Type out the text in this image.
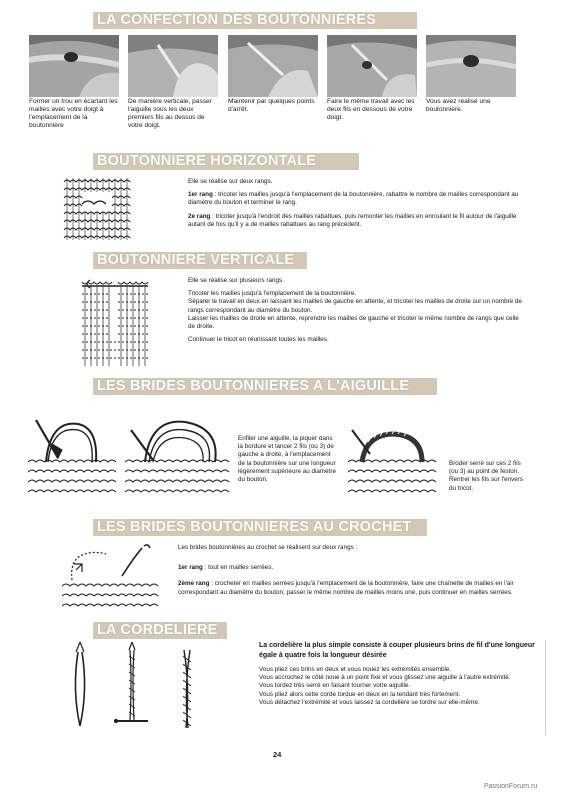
LA CONFECTION DES BOUTONNIERES
Former un trou en écartant les mailles avec votre doigt à l'emplacement de la boutonnière
De manière verticale, passer l'aiguille sous les deux premiers fils au dessus de votre doigt.
Maintenir par quelques points d'arrêt.
Faire le même travail avec les deux fils en dessous de votre doigt.
Vous avez réalisé une boutonnière.
BOUTONNIERE HORIZONTALE

Elle se réalise sur deux rangs.

1er rang : tricoter les mailles jusqu'à l'emplacement de la boutonnière, rabattre le nombre de mailles correspondant au diamètre du bouton et terminer le rang.

2e rang : tricoter jusqu'à l'endroit des mailles rabattues, puis remonter les mailles en enroulant le fil autour de l'aiguille autant de fois qu'il y a de mailles rabattues au rang précédent.

BOUTONNIERE VERTICALE

Elle se réalise sur plusieurs rangs.

Tricoter les mailles jusqu'à l'emplacement de la boutonnière.

Séparer le travail en deux en laissant les mailles de gauche en attente, et tricoter les mailles de droite sur un nombre de rangs correspondant au diamètre du bouton.

Laisser les mailles de droite en attente, reprendre les mailles de gauche et tricoter le même nombre de rangs que celle de droite.

Continuer le tricot en réunissant toutes les mailles.

LES BRIDES BOUTONNIERES A L'AIGUILLE
Enfiler une aiguille, la piquer dans la bordure et lancer 2 fils (ou 3) de gauche à droite, à l'emplacement de la boutonnière sur une longueur légèrement supérieure au diamètre du bouton.
Broder serré sur ces 2 fils (ou 3) au point de feston. Rentrer les fils sur l'envers du tricot.
LES BRIDES BOUTONNIERES AU CROCHET

Les brides boutonnières au crochet se réalisent sur deux rangs :

1er rang : tout en mailles serrées.

2ème rang : crocheter en mailles serrées jusqu'à l'emplacement de la boutonnière, faire une chaînette de mailles en l'air correspondant au diamètre du bouton, passer le même nombre de mailles moins une, puis continuer en mailles serrées.

LA CORDELIERE

La cordelière la plus simple consiste à couper plusieurs brins de fil d'une longueur égale à quatre fois la longueur désirée

Vous pliez ces brins en deux et vous nouez les extrémités ensemble.
Vous accrochez le côté noué à un point fixe et vous glissez une aiguille à l'autre extrémité.
Vous tordez très serré en faisant tourner votre aiguille.
Vous pliez alors cette corde tordue en deux en la tendant très fortement.
Vous détachez l'extrémité et vous laissez la cordelière se tordre sur elle-même.
24
PassionForum.ru
